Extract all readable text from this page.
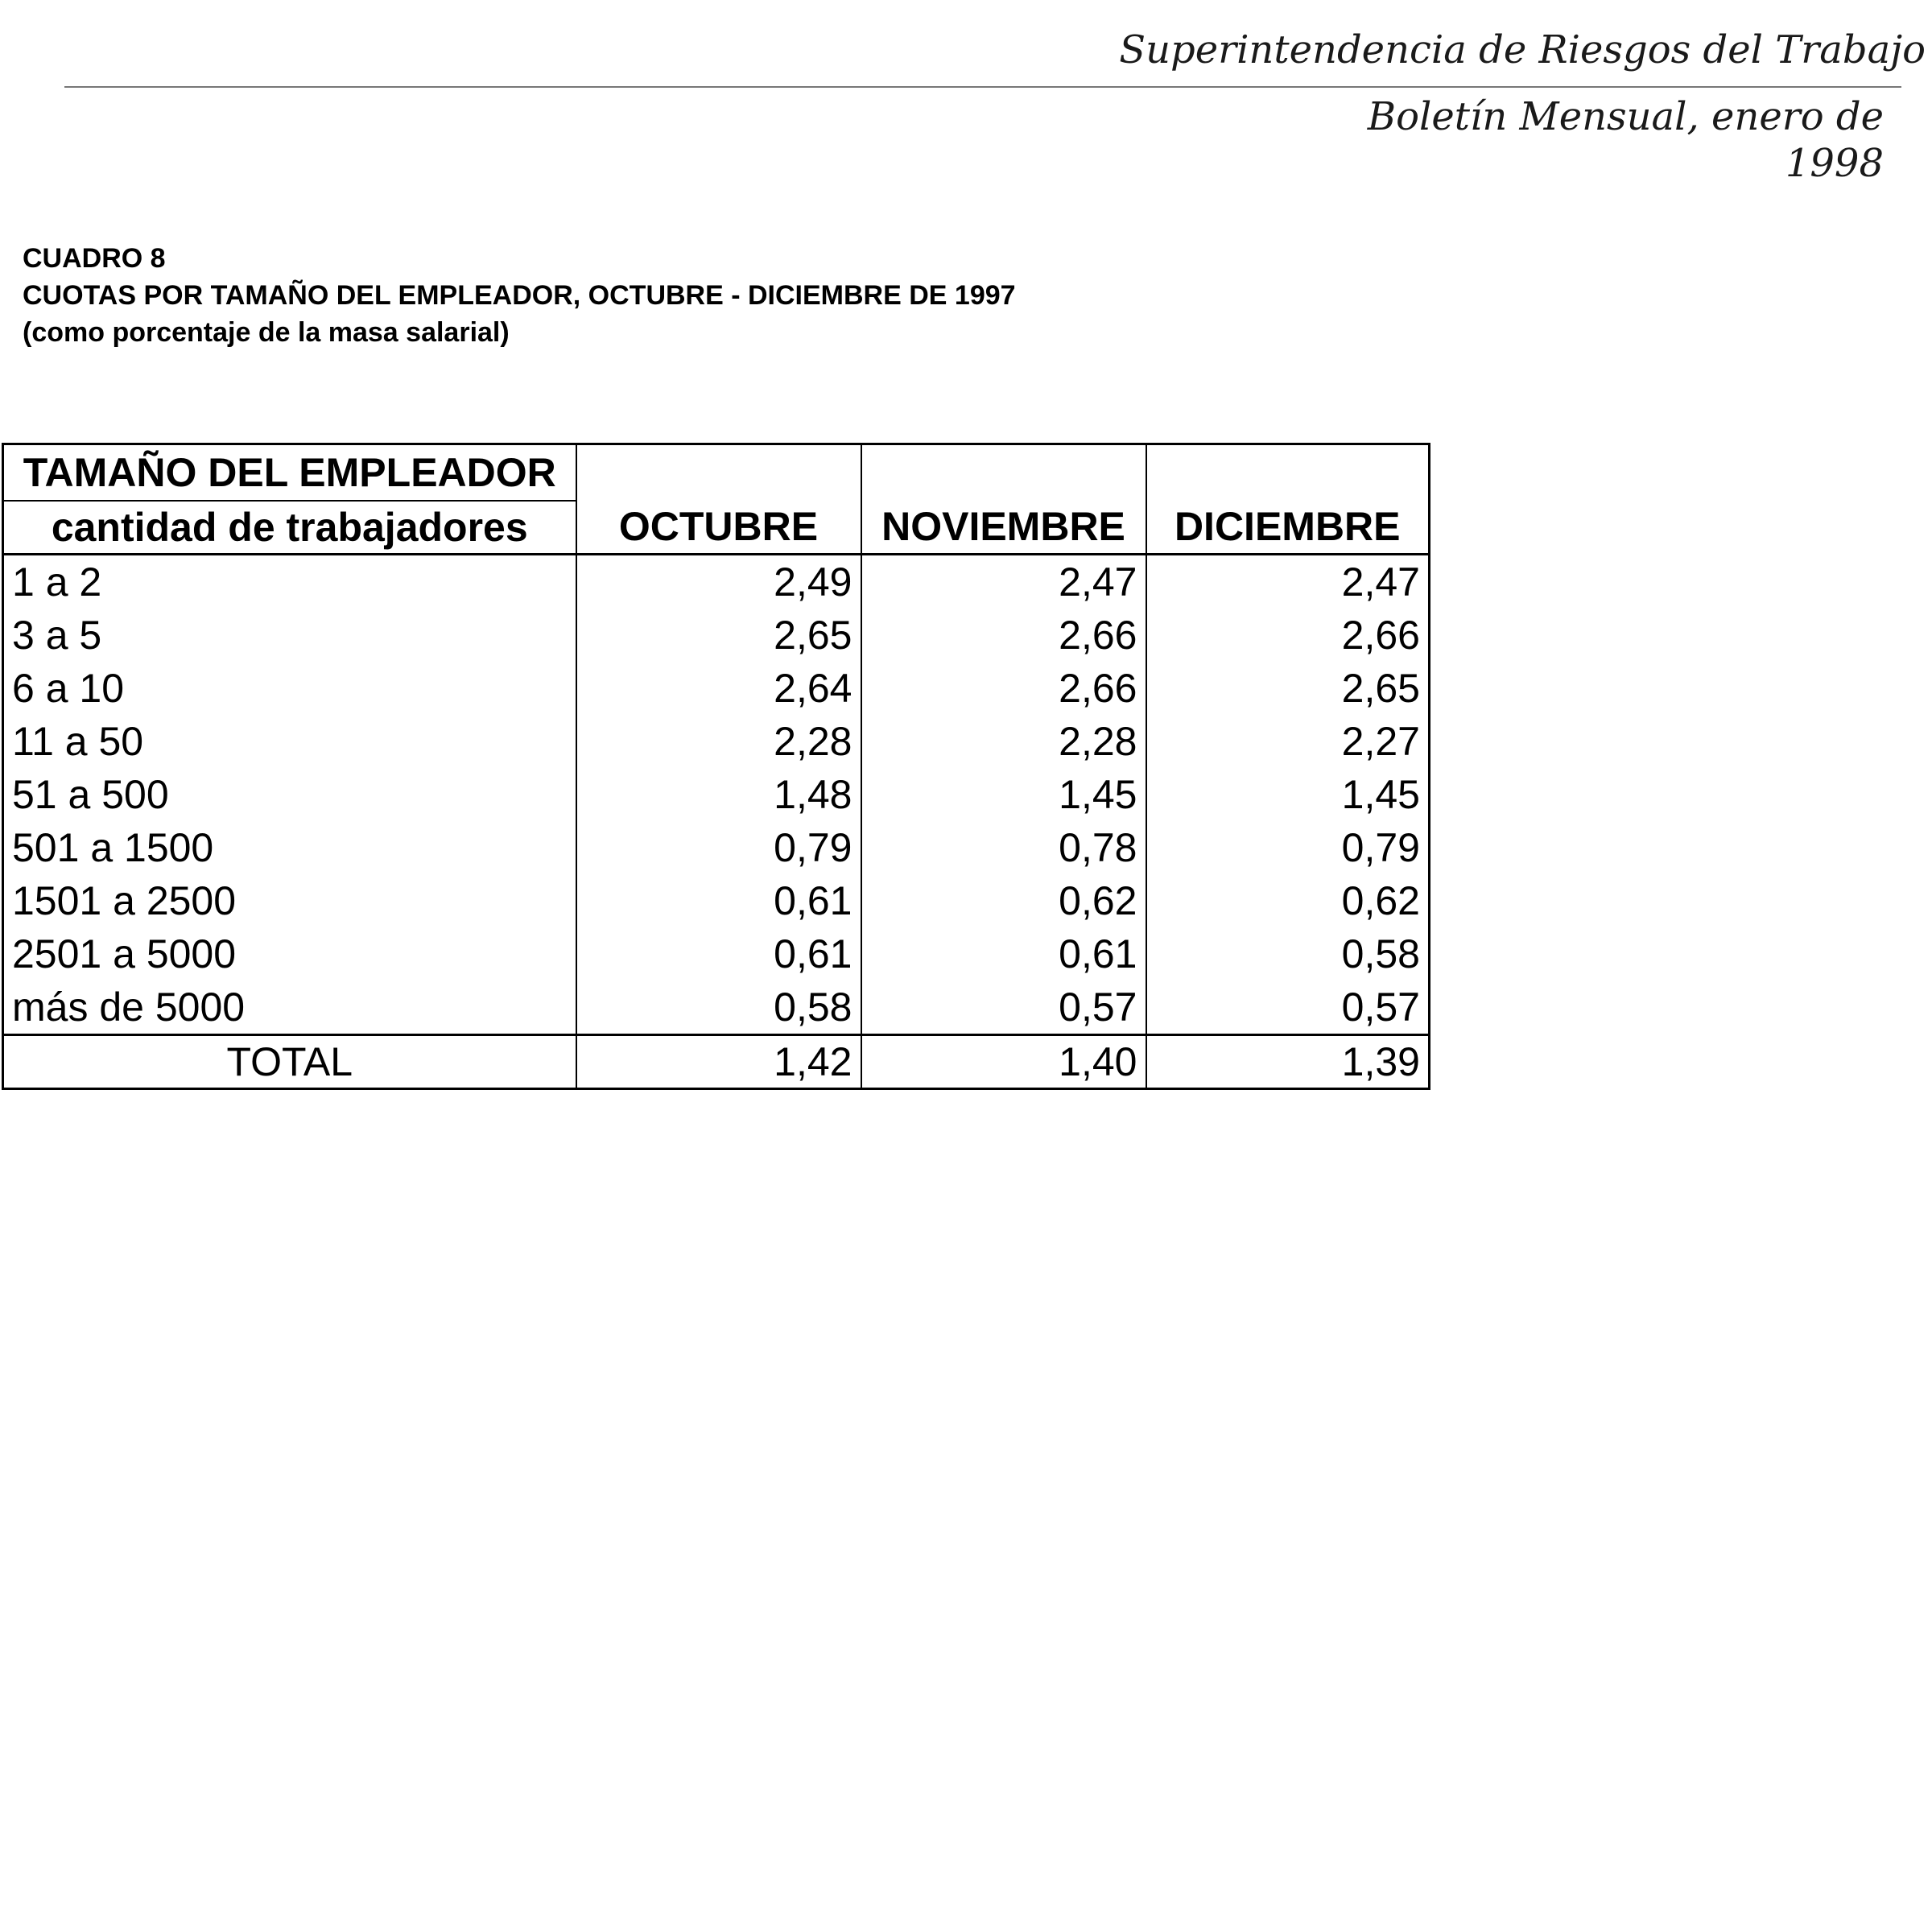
Superintendencia de Riesgos del Trabajo
Boletín Mensual, enero de
1998
CUADRO 8
CUOTAS POR TAMAÑO DEL EMPLEADOR, OCTUBRE - DICIEMBRE DE 1997
(como porcentaje de la masa salarial)
TAMAÑO DEL EMPLEADOR	OCTUBRE	NOVIEMBRE	DICIEMBRE
cantidad de trabajadores			
1 a 2	2,49	2,47	2,47
3 a 5	2,65	2,66	2,66
6 a 10	2,64	2,66	2,65
11 a 50	2,28	2,28	2,27
51 a 500	1,48	1,45	1,45
501 a 1500	0,79	0,78	0,79
1501 a 2500	0,61	0,62	0,62
2501 a 5000	0,61	0,61	0,58
más de 5000	0,58	0,57	0,57
TOTAL	1,42	1,40	1,39
